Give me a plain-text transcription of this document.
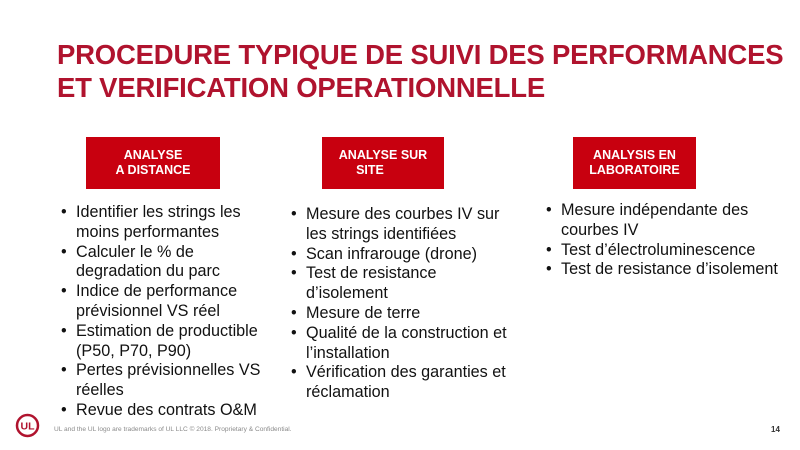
PROCEDURE TYPIQUE DE SUIVI DES PERFORMANCES
ET VERIFICATION OPERATIONNELLE
ANALYSE
A DISTANCE
ANALYSE SUR
SITE
ANALYSIS EN
LABORATOIRE
• Identifier les strings les moins performantes
• Calculer le % de degradation du parc
• Indice de performance prévisionnel VS réel
• Estimation de productible (P50, P70, P90)
• Pertes prévisionnelles VS réelles
• Revue des contrats O&M
• Mesure des courbes IV sur les strings identifiées
• Scan infrarouge (drone)
• Test de resistance d’isolement
• Mesure de terre
• Qualité de la construction et l’installation
• Vérification des garanties et réclamation
• Mesure indépendante des courbes IV
• Test d’électroluminescence
• Test de resistance d’isolement
UL	UL and the UL logo are trademarks of UL LLC © 2018. Proprietary & Confidential.	14
